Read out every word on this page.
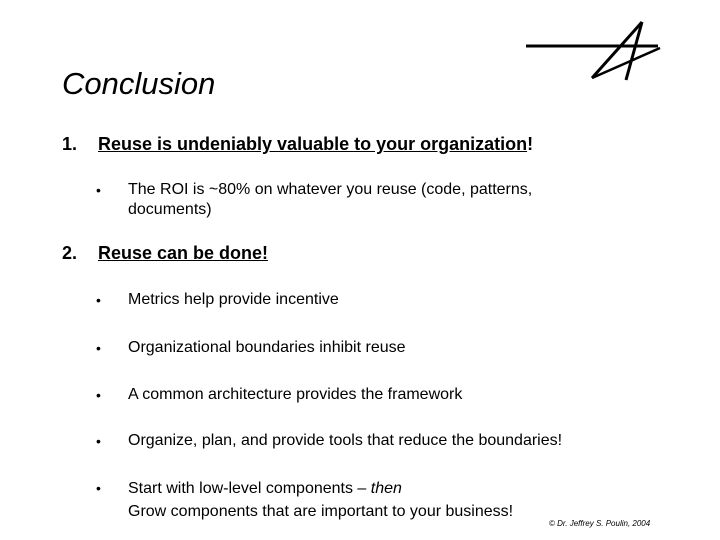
Conclusion
1. Reuse is undeniably valuable to your organization!
• The ROI is ~80% on whatever you reuse (code, patterns,
documents)
2. Reuse can be done!
• Metrics help provide incentive
• Organizational boundaries inhibit reuse
• A common architecture provides the framework
• Organize, plan, and provide tools that reduce the boundaries!
• Start with low-level components – then
Grow components that are important to your business!
© Dr. Jeffrey S. Poulin, 2004
